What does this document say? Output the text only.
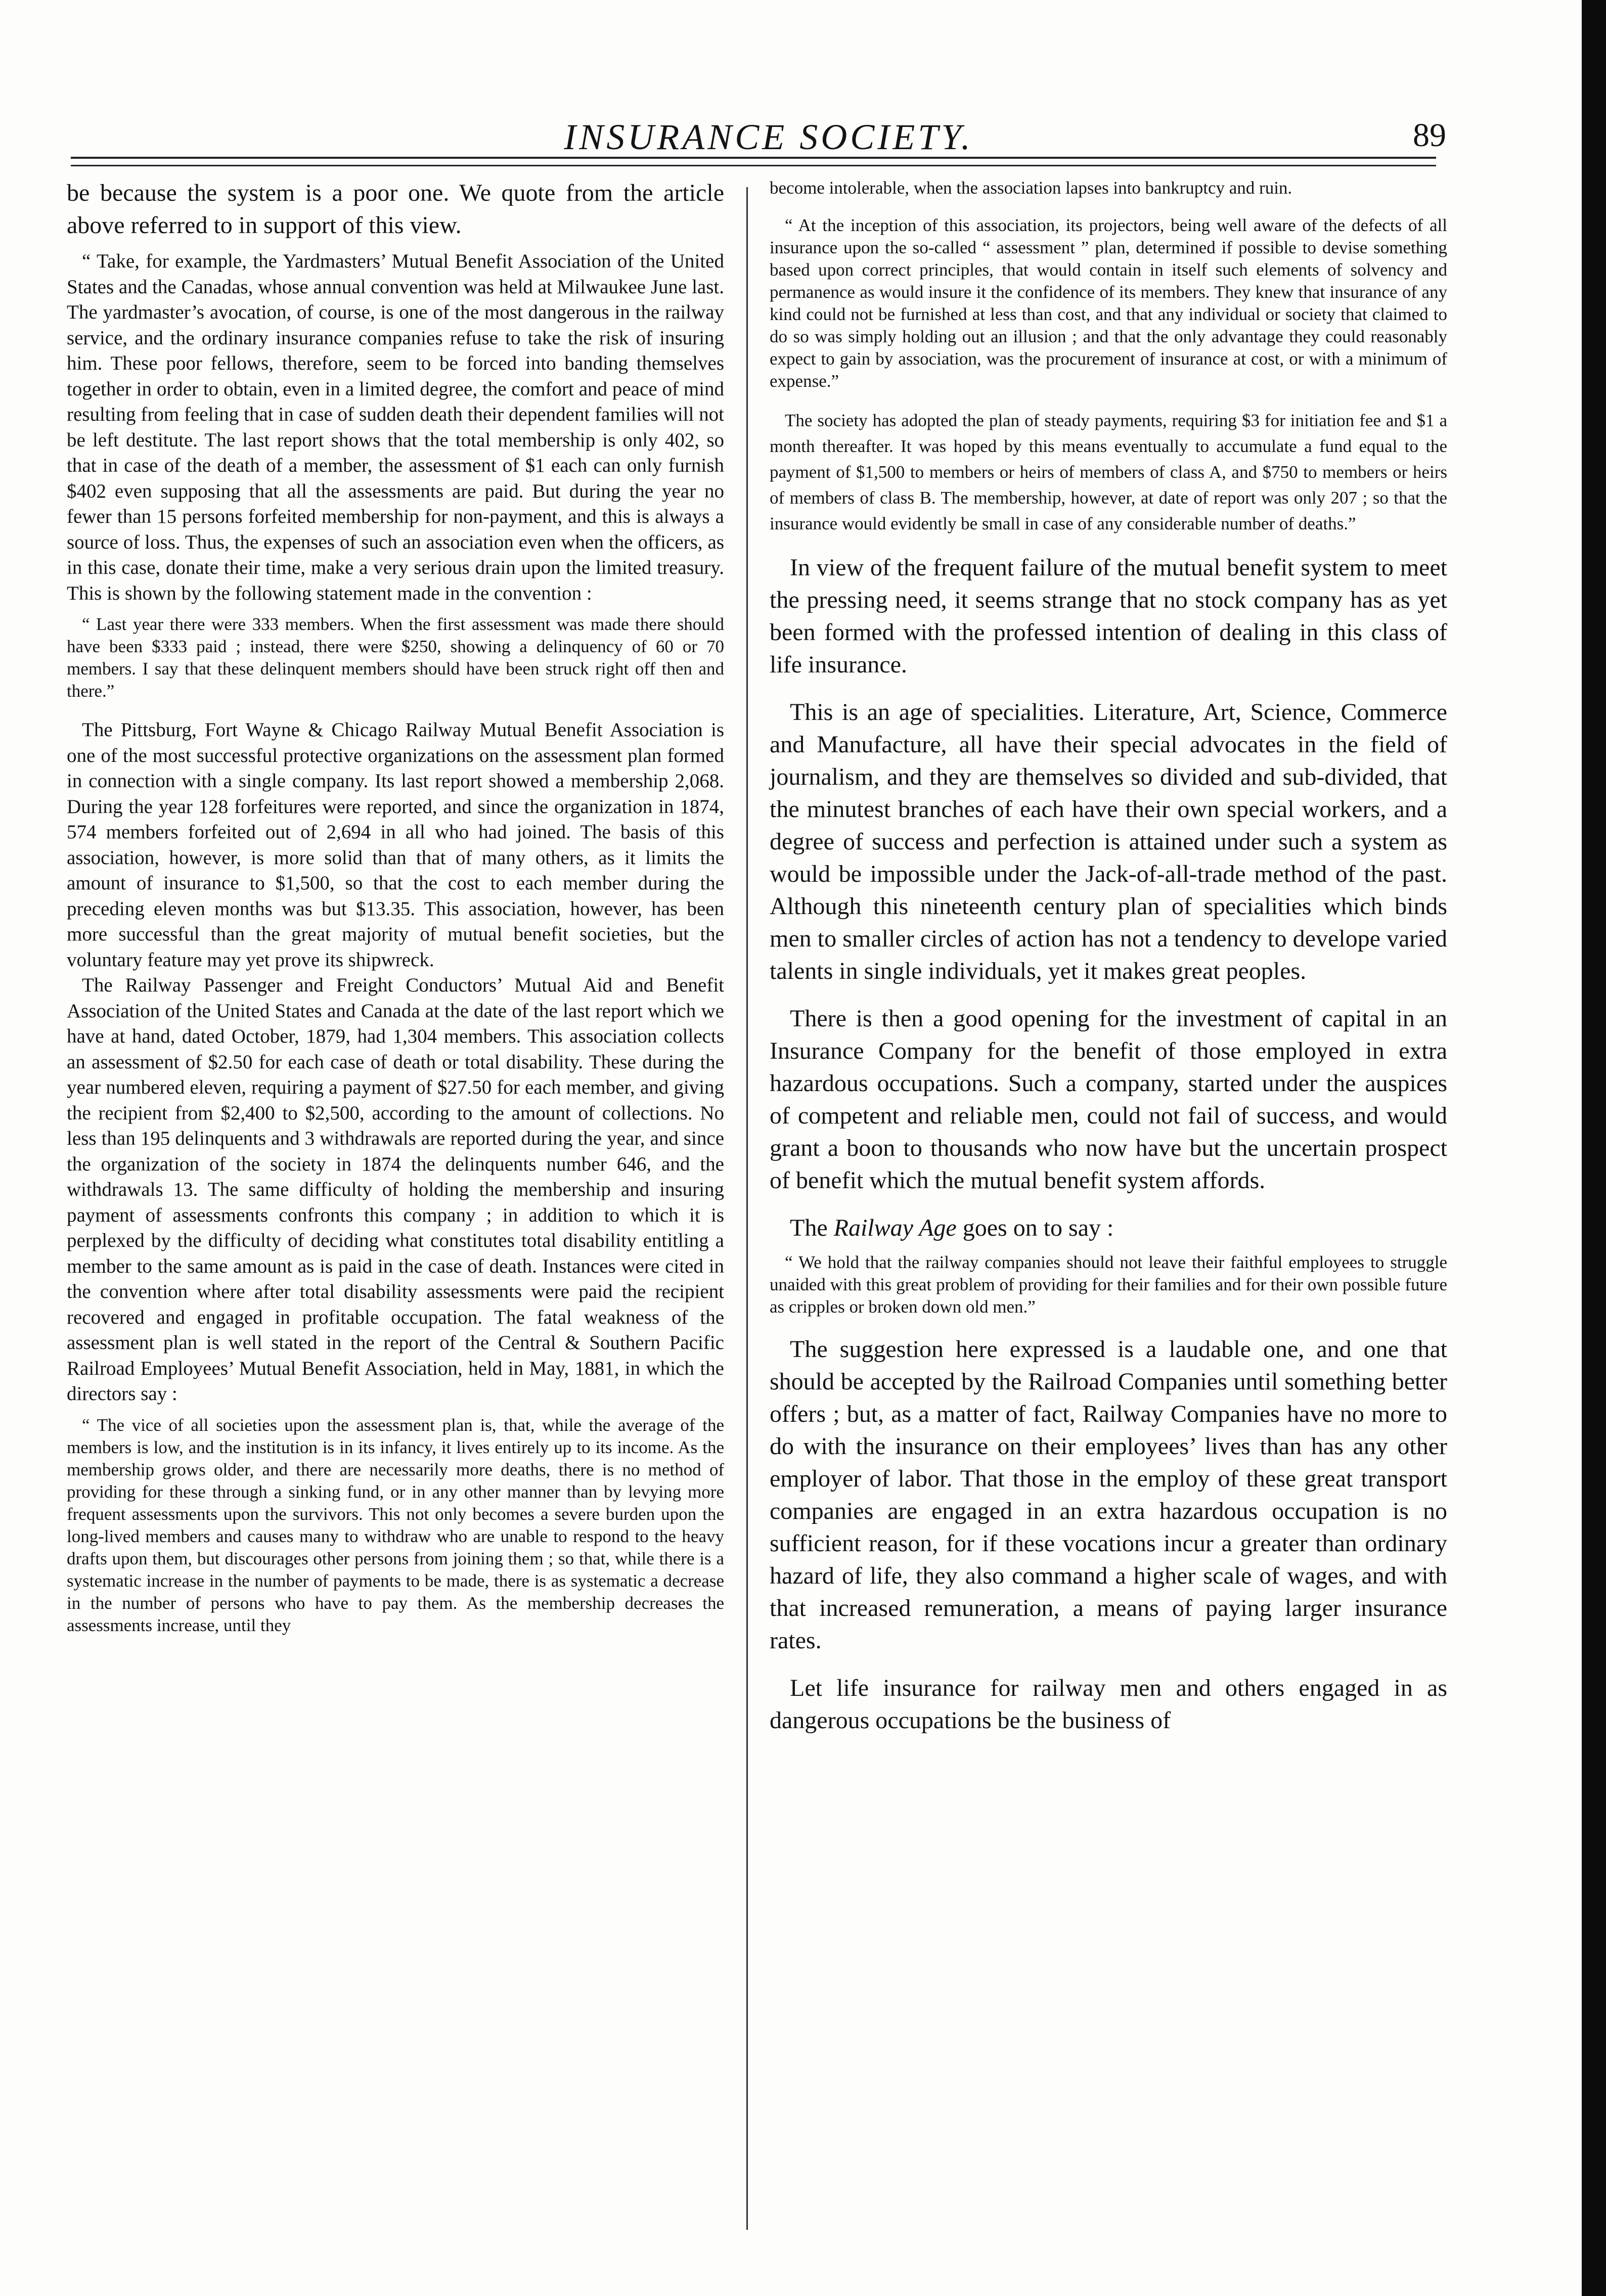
INSURANCE SOCIETY.	89

be because the system is a poor one. We quote from the article above referred to in support of this view.

“ Take, for example, the Yardmasters’ Mutual Benefit Association of the United States and the Canadas, whose annual convention was held at Milwaukee June last. The yardmaster’s avocation, of course, is one of the most dangerous in the railway service, and the ordinary insurance companies refuse to take the risk of insuring him. These poor fellows, therefore, seem to be forced into banding themselves together in order to obtain, even in a limited degree, the comfort and peace of mind resulting from feeling that in case of sudden death their dependent families will not be left destitute. The last report shows that the total membership is only 402, so that in case of the death of a member, the assessment of $1 each can only furnish $402 even supposing that all the assessments are paid. But during the year no fewer than 15 persons forfeited membership for non-payment, and this is always a source of loss. Thus, the expenses of such an association even when the officers, as in this case, donate their time, make a very serious drain upon the limited treasury. This is shown by the following statement made in the convention :

“ Last year there were 333 members. When the first assessment was made there should have been $333 paid ; instead, there were $250, showing a delinquency of 60 or 70 members. I say that these delinquent members should have been struck right off then and there.”

The Pittsburg, Fort Wayne & Chicago Railway Mutual Benefit Association is one of the most successful protective organizations on the assessment plan formed in connection with a single company. Its last report showed a membership 2,068. During the year 128 forfeitures were reported, and since the organization in 1874, 574 members forfeited out of 2,694 in all who had joined. The basis of this association, however, is more solid than that of many others, as it limits the amount of insurance to $1,500, so that the cost to each member during the preceding eleven months was but $13.35. This association, however, has been more successful than the great majority of mutual benefit societies, but the voluntary feature may yet prove its shipwreck.

The Railway Passenger and Freight Conductors’ Mutual Aid and Benefit Association of the United States and Canada at the date of the last report which we have at hand, dated October, 1879, had 1,304 members. This association collects an assessment of $2.50 for each case of death or total disability. These during the year numbered eleven, requiring a payment of $27.50 for each member, and giving the recipient from $2,400 to $2,500, according to the amount of collections. No less than 195 delinquents and 3 withdrawals are reported during the year, and since the organization of the society in 1874 the delinquents number 646, and the withdrawals 13. The same difficulty of holding the membership and insuring payment of assessments confronts this company ; in addition to which it is perplexed by the difficulty of deciding what constitutes total disability entitling a member to the same amount as is paid in the case of death. Instances were cited in the convention where after total disability assessments were paid the recipient recovered and engaged in profitable occupation. The fatal weakness of the assessment plan is well stated in the report of the Central & Southern Pacific Railroad Employees’ Mutual Benefit Association, held in May, 1881, in which the directors say :

“ The vice of all societies upon the assessment plan is, that, while the average of the members is low, and the institution is in its infancy, it lives entirely up to its income. As the membership grows older, and there are necessarily more deaths, there is no method of providing for these through a sinking fund, or in any other manner than by levying more frequent assessments upon the survivors. This not only becomes a severe burden upon the long-lived members and causes many to withdraw who are unable to respond to the heavy drafts upon them, but discourages other persons from joining them ; so that, while there is a systematic increase in the number of payments to be made, there is as systematic a decrease in the number of persons who have to pay them. As the membership decreases the assessments increase, until they

become intolerable, when the association lapses into bankruptcy and ruin.

“ At the inception of this association, its projectors, being well aware of the defects of all insurance upon the so-called “ assessment ” plan, determined if possible to devise something based upon correct principles, that would contain in itself such elements of solvency and permanence as would insure it the confidence of its members. They knew that insurance of any kind could not be furnished at less than cost, and that any individual or society that claimed to do so was simply holding out an illusion ; and that the only advantage they could reasonably expect to gain by association, was the procurement of insurance at cost, or with a minimum of expense.”

The society has adopted the plan of steady payments, requiring $3 for initiation fee and $1 a month thereafter. It was hoped by this means eventually to accumulate a fund equal to the payment of $1,500 to members or heirs of members of class A, and $750 to members or heirs of members of class B. The membership, however, at date of report was only 207 ; so that the insurance would evidently be small in case of any considerable number of deaths.”

In view of the frequent failure of the mutual benefit system to meet the pressing need, it seems strange that no stock company has as yet been formed with the professed intention of dealing in this class of life insurance.

This is an age of specialities. Literature, Art, Science, Commerce and Manufacture, all have their special advocates in the field of journalism, and they are themselves so divided and sub-divided, that the minutest branches of each have their own special workers, and a degree of success and perfection is attained under such a system as would be impossible under the Jack-of-all-trade method of the past. Although this nineteenth century plan of specialities which binds men to smaller circles of action has not a tendency to develope varied talents in single individuals, yet it makes great peoples.

There is then a good opening for the investment of capital in an Insurance Company for the benefit of those employed in extra hazardous occupations. Such a company, started under the auspices of competent and reliable men, could not fail of success, and would grant a boon to thousands who now have but the uncertain prospect of benefit which the mutual benefit system affords.

The Railway Age goes on to say :

“ We hold that the railway companies should not leave their faithful employees to struggle unaided with this great problem of providing for their families and for their own possible future as cripples or broken down old men.”

The suggestion here expressed is a laudable one, and one that should be accepted by the Railroad Companies until something better offers ; but, as a matter of fact, Railway Companies have no more to do with the insurance on their employees’ lives than has any other employer of labor. That those in the employ of these great transport companies are engaged in an extra hazardous occupation is no sufficient reason, for if these vocations incur a greater than ordinary hazard of life, they also command a higher scale of wages, and with that increased remuneration, a means of paying larger insurance rates.

Let life insurance for railway men and others engaged in as dangerous occupations be the business of
